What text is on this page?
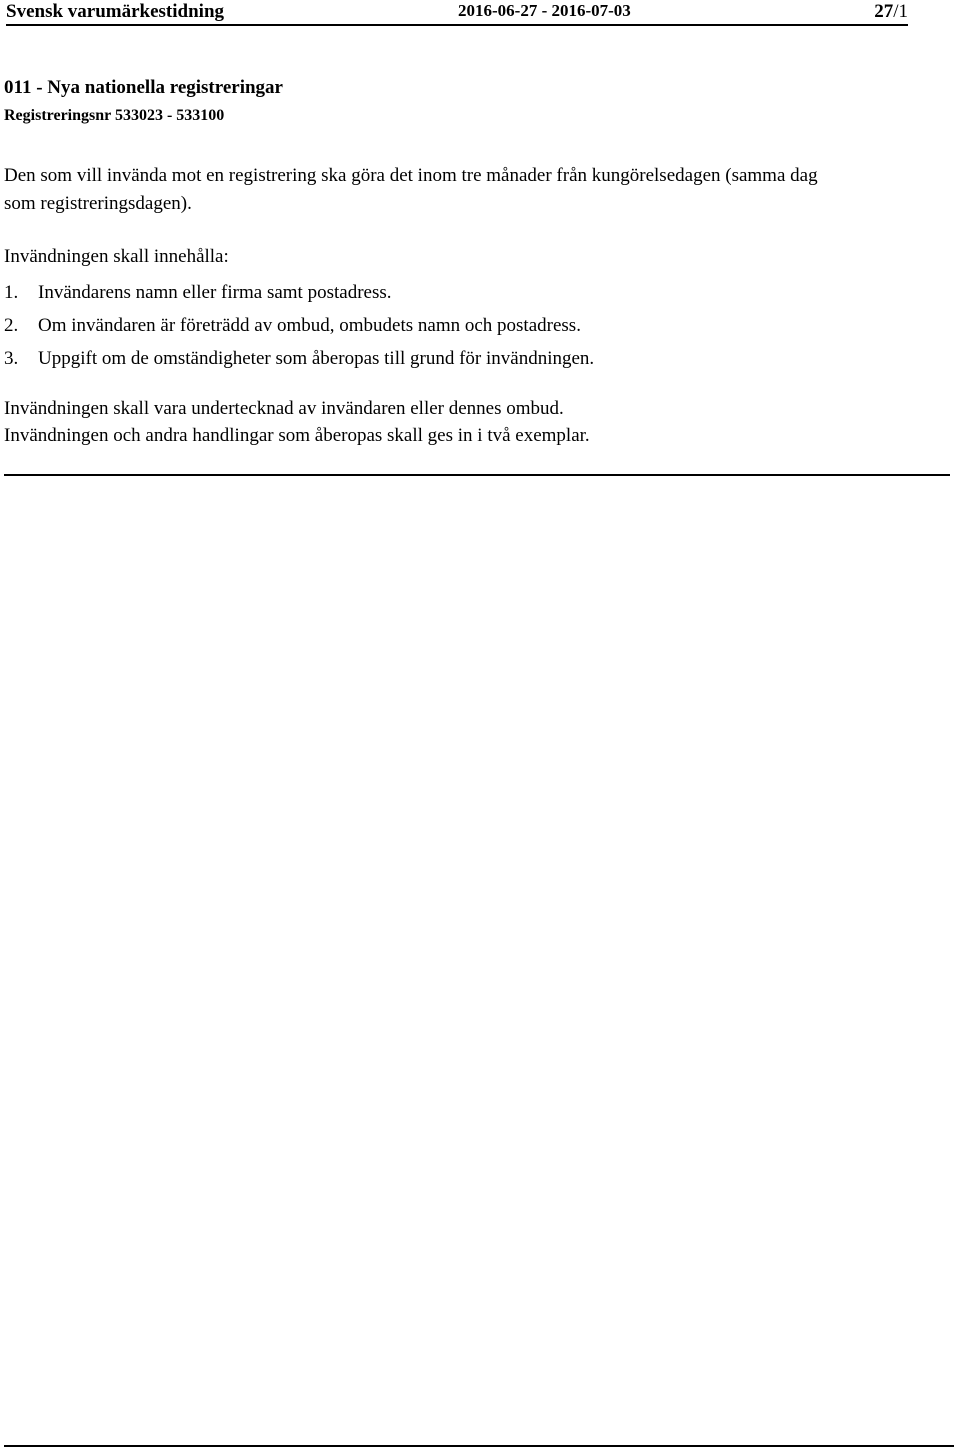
Svensk varumärkestidning	2016-06-27 - 2016-07-03	27/1
011 - Nya nationella registreringar
Registreringsnr 533023 - 533100
Den som vill invända mot en registrering ska göra det inom tre månader från kungörelsedagen (samma dag
som registreringsdagen).
Invändningen skall innehålla:
1. Invändarens namn eller firma samt postadress.
2. Om invändaren är företrädd av ombud, ombudets namn och postadress.
3. Uppgift om de omständigheter som åberopas till grund för invändningen.
Invändningen skall vara undertecknad av invändaren eller dennes ombud.
Invändningen och andra handlingar som åberopas skall ges in i två exemplar.
